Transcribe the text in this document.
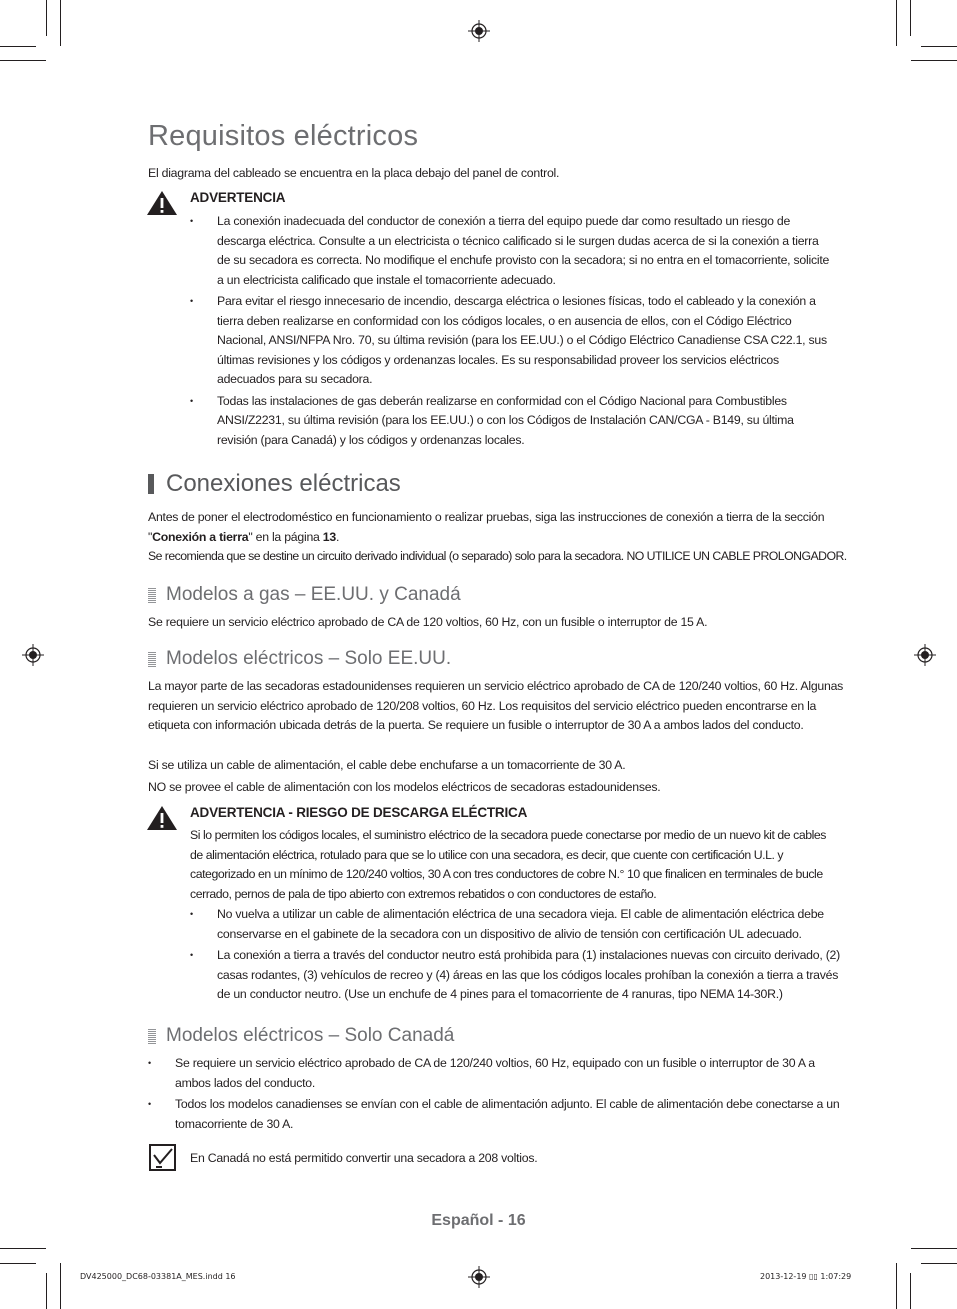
Requisitos eléctricos
El diagrama del cableado se encuentra en la placa debajo del panel de control.
ADVERTENCIA
• La conexión inadecuada del conductor de conexión a tierra del equipo puede dar como resultado un riesgo de descarga eléctrica. Consulte a un electricista o técnico calificado si le surgen dudas acerca de si la conexión a tierra de su secadora es correcta. No modifique el enchufe provisto con la secadora; si no entra en el tomacorriente, solicite a un electricista calificado que instale el tomacorriente adecuado.
• Para evitar el riesgo innecesario de incendio, descarga eléctrica o lesiones físicas, todo el cableado y la conexión a tierra deben realizarse en conformidad con los códigos locales, o en ausencia de ellos, con el Código Eléctrico Nacional, ANSI/NFPA Nro. 70, su última revisión (para los EE.UU.) o el Código Eléctrico Canadiense CSA C22.1, sus últimas revisiones y los códigos y ordenanzas locales. Es su responsabilidad proveer los servicios eléctricos adecuados para su secadora.
• Todas las instalaciones de gas deberán realizarse en conformidad con el Código Nacional para Combustibles ANSI/Z2231, su última revisión (para los EE.UU.) o con los Códigos de Instalación CAN/CGA - B149, su última revisión (para Canadá) y los códigos y ordenanzas locales.
Conexiones eléctricas
Antes de poner el electrodoméstico en funcionamiento o realizar pruebas, siga las instrucciones de conexión a tierra de la sección "Conexión a tierra" en la página 13.
Se recomienda que se destine un circuito derivado individual (o separado) solo para la secadora. NO UTILICE UN CABLE PROLONGADOR.
Modelos a gas – EE.UU. y Canadá
Se requiere un servicio eléctrico aprobado de CA de 120 voltios, 60 Hz, con un fusible o interruptor de 15 A.
Modelos eléctricos – Solo EE.UU.
La mayor parte de las secadoras estadounidenses requieren un servicio eléctrico aprobado de CA de 120/240 voltios, 60 Hz. Algunas requieren un servicio eléctrico aprobado de 120/208 voltios, 60 Hz. Los requisitos del servicio eléctrico pueden encontrarse en la etiqueta con información ubicada detrás de la puerta. Se requiere un fusible o interruptor de 30 A a ambos lados del conducto.
Si se utiliza un cable de alimentación, el cable debe enchufarse a un tomacorriente de 30 A.
NO se provee el cable de alimentación con los modelos eléctricos de secadoras estadounidenses.
ADVERTENCIA - RIESGO DE DESCARGA ELÉCTRICA
Si lo permiten los códigos locales, el suministro eléctrico de la secadora puede conectarse por medio de un nuevo kit de cables de alimentación eléctrica, rotulado para que se lo utilice con una secadora, es decir, que cuente con certificación U.L. y categorizado en un mínimo de 120/240 voltios, 30 A con tres conductores de cobre N.° 10 que finalicen en terminales de bucle cerrado, pernos de pala de tipo abierto con extremos rebatidos o con conductores de estaño.
• No vuelva a utilizar un cable de alimentación eléctrica de una secadora vieja. El cable de alimentación eléctrica debe conservarse en el gabinete de la secadora con un dispositivo de alivio de tensión con certificación UL adecuado.
• La conexión a tierra a través del conductor neutro está prohibida para (1) instalaciones nuevas con circuito derivado, (2) casas rodantes, (3) vehículos de recreo y (4) áreas en las que los códigos locales prohíban la conexión a tierra a través de un conductor neutro. (Use un enchufe de 4 pines para el tomacorriente de 4 ranuras, tipo NEMA 14-30R.)
Modelos eléctricos – Solo Canadá
• Se requiere un servicio eléctrico aprobado de CA de 120/240 voltios, 60 Hz, equipado con un fusible o interruptor de 30 A a ambos lados del conducto.
• Todos los modelos canadienses se envían con el cable de alimentación adjunto. El cable de alimentación debe conectarse a un tomacorriente de 30 A.
En Canadá no está permitido convertir una secadora a 208 voltios.
Español - 16
DV425000_DC68-03381A_MES.indd 16	2013-12-19 ▯▯ 1:07:29
